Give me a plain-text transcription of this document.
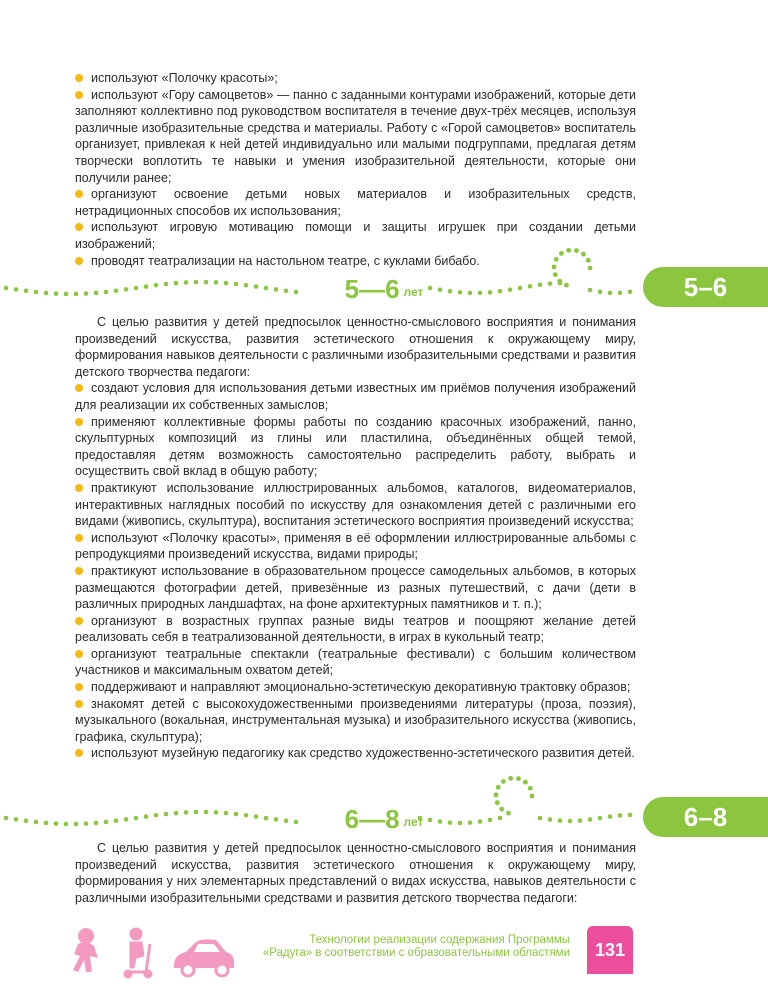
используют «Полочку красоты»;

используют «Гору самоцветов» — панно с заданными контурами изображений, которые дети заполняют коллективно под руководством воспитателя в течение двух-трёх месяцев, используя различные изобразительные средства и материалы. Работу с «Горой самоцветов» воспитатель организует, привлекая к ней детей индивидуально или малыми подгруппами, предлагая детям творчески воплотить те навыки и умения изобразительной деятельности, которые они получили ранее;

организуют освоение детьми новых материалов и изобразительных средств, нетрадиционных способов их использования;

используют игровую мотивацию помощи и защиты игрушек при создании детьми изображений;

проводят театрализации на настольном театре, с куклами бибабо.

5—6 лет	5–6

С целью развития у детей предпосылок ценностно-смыслового восприятия и понимания произведений искусства, развития эстетического отношения к окружающему миру, формирования навыков деятельности с различными изобразительными средствами и развития детского творчества педагоги:

создают условия для использования детьми известных им приёмов получения изображений для реализации их собственных замыслов;

применяют коллективные формы работы по созданию красочных изображений, панно, скульптурных композиций из глины или пластилина, объединённых общей темой, предоставляя детям возможность самостоятельно распределить работу, выбрать и осуществить свой вклад в общую работу;

практикуют использование иллюстрированных альбомов, каталогов, видеоматериалов, интерактивных наглядных пособий по искусству для ознакомления детей с различными его видами (живопись, скульптура), воспитания эстетического восприятия произведений искусства;

используют «Полочку красоты», применяя в её оформлении иллюстрированные альбомы с репродукциями произведений искусства, видами природы;

практикуют использование в образовательном процессе самодельных альбомов, в которых размещаются фотографии детей, привезённые из разных путешествий, с дачи (дети в различных природных ландшафтах, на фоне архитектурных памятников и т. п.);

организуют в возрастных группах разные виды театров и поощряют желание детей реализовать себя в театрализованной деятельности, в играх в кукольный театр;

организуют театральные спектакли (театральные фестивали) с большим количеством участников и максимальным охватом детей;

поддерживают и направляют эмоционально-эстетическую декоративную трактовку образов;

знакомят детей с высокохудожественными произведениями литературы (проза, поэзия), музыкального (вокальная, инструментальная музыка) и изобразительного искусства (живопись, графика, скульптура);

используют музейную педагогику как средство художественно-эстетического развития детей.

6—8 лет	6–8

С целью развития у детей предпосылок ценностно-смыслового восприятия и понимания произведений искусства, развития эстетического отношения к окружающему миру, формирования у них элементарных представлений о видах искусства, навыков деятельности с различными изобразительными средствами и развития детского творчества педагоги:

Технологии реализации содержания Программы
«Радуга» в соответствии с образовательными областями	131
